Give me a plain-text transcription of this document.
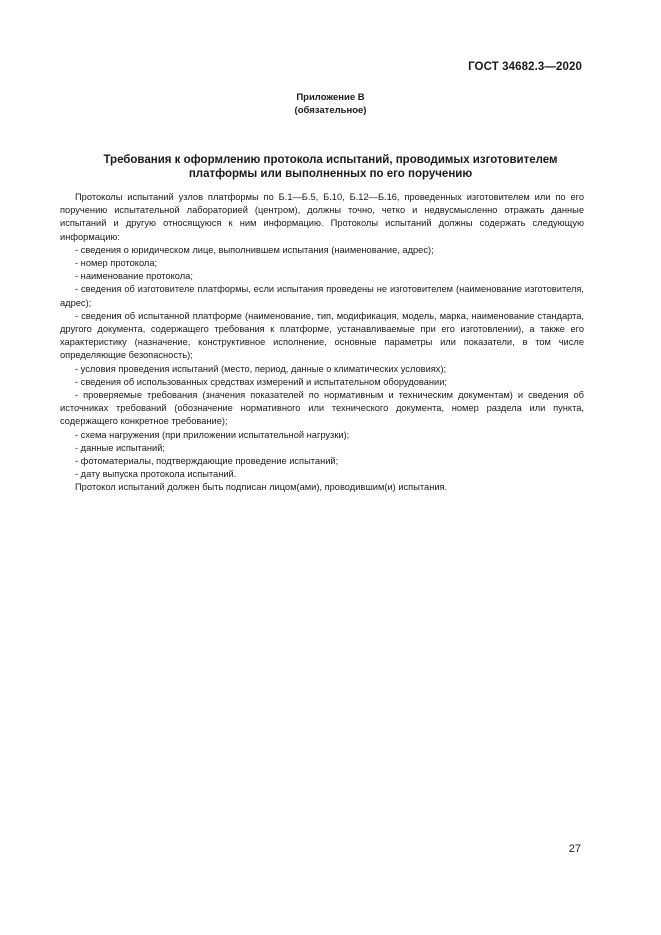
ГОСТ 34682.3—2020
Приложение В
(обязательное)
Требования к оформлению протокола испытаний, проводимых изготовителем
платформы или выполненных по его поручению

Протоколы испытаний узлов платформы по Б.1—Б.5, Б.10, Б.12—Б.16, проведенных изготовителем или по его поручению испытательной лабораторией (центром), должны точно, четко и недвусмысленно отражать данные испытаний и другую относящуюся к ним информацию. Протоколы испытаний должны содержать следующую информацию:

- сведения о юридическом лице, выполнившем испытания (наименование, адрес);

- номер протокола;

- наименование протокола;

- сведения об изготовителе платформы, если испытания проведены не изготовителем (наименование изготовителя, адрес);

- сведения об испытанной платформе (наименование, тип, модификация, модель, марка, наименование стандарта, другого документа, содержащего требования к платформе, устанавливаемые при его изготовлении), а также его характеристику (назначение, конструктивное исполнение, основные параметры или показатели, в том числе определяющие безопасность);

- условия проведения испытаний (место, период, данные о климатических условиях);

- сведения об использованных средствах измерений и испытательном оборудовании;

- проверяемые требования (значения показателей по нормативным и техническим документам) и сведения об источниках требований (обозначение нормативного или технического документа, номер раздела или пункта, содержащего конкретное требование);

- схема нагружения (при приложении испытательной нагрузки);

- данные испытаний;

- фотоматериалы, подтверждающие проведение испытаний;

- дату выпуска протокола испытаний.

Протокол испытаний должен быть подписан лицом(ами), проводившим(и) испытания.

27
